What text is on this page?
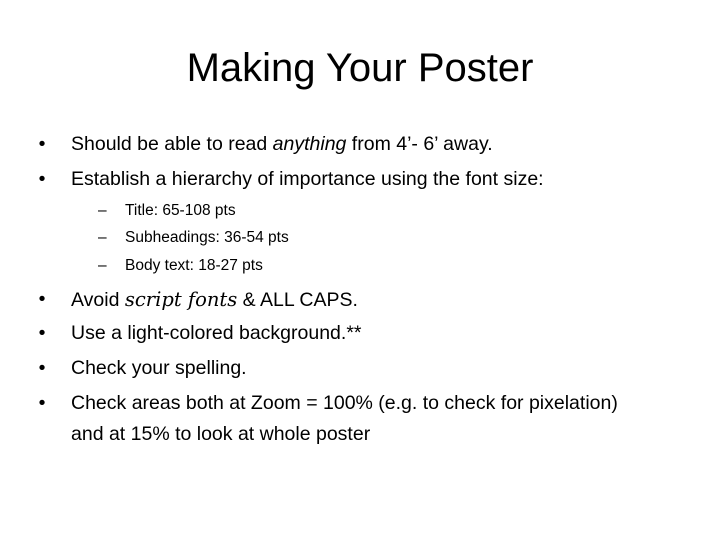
Making Your Poster
• Should be able to read anything from 4’- 6’ away.
• Establish a hierarchy of importance using the font size:
– Title: 65-108 pts
– Subheadings: 36-54 pts
– Body text: 18-27 pts
• Avoid script fonts & ALL CAPS.
• Use a light-colored background.**
• Check your spelling.
• Check areas both at Zoom = 100% (e.g. to check for pixelation)
and at 15% to look at whole poster
